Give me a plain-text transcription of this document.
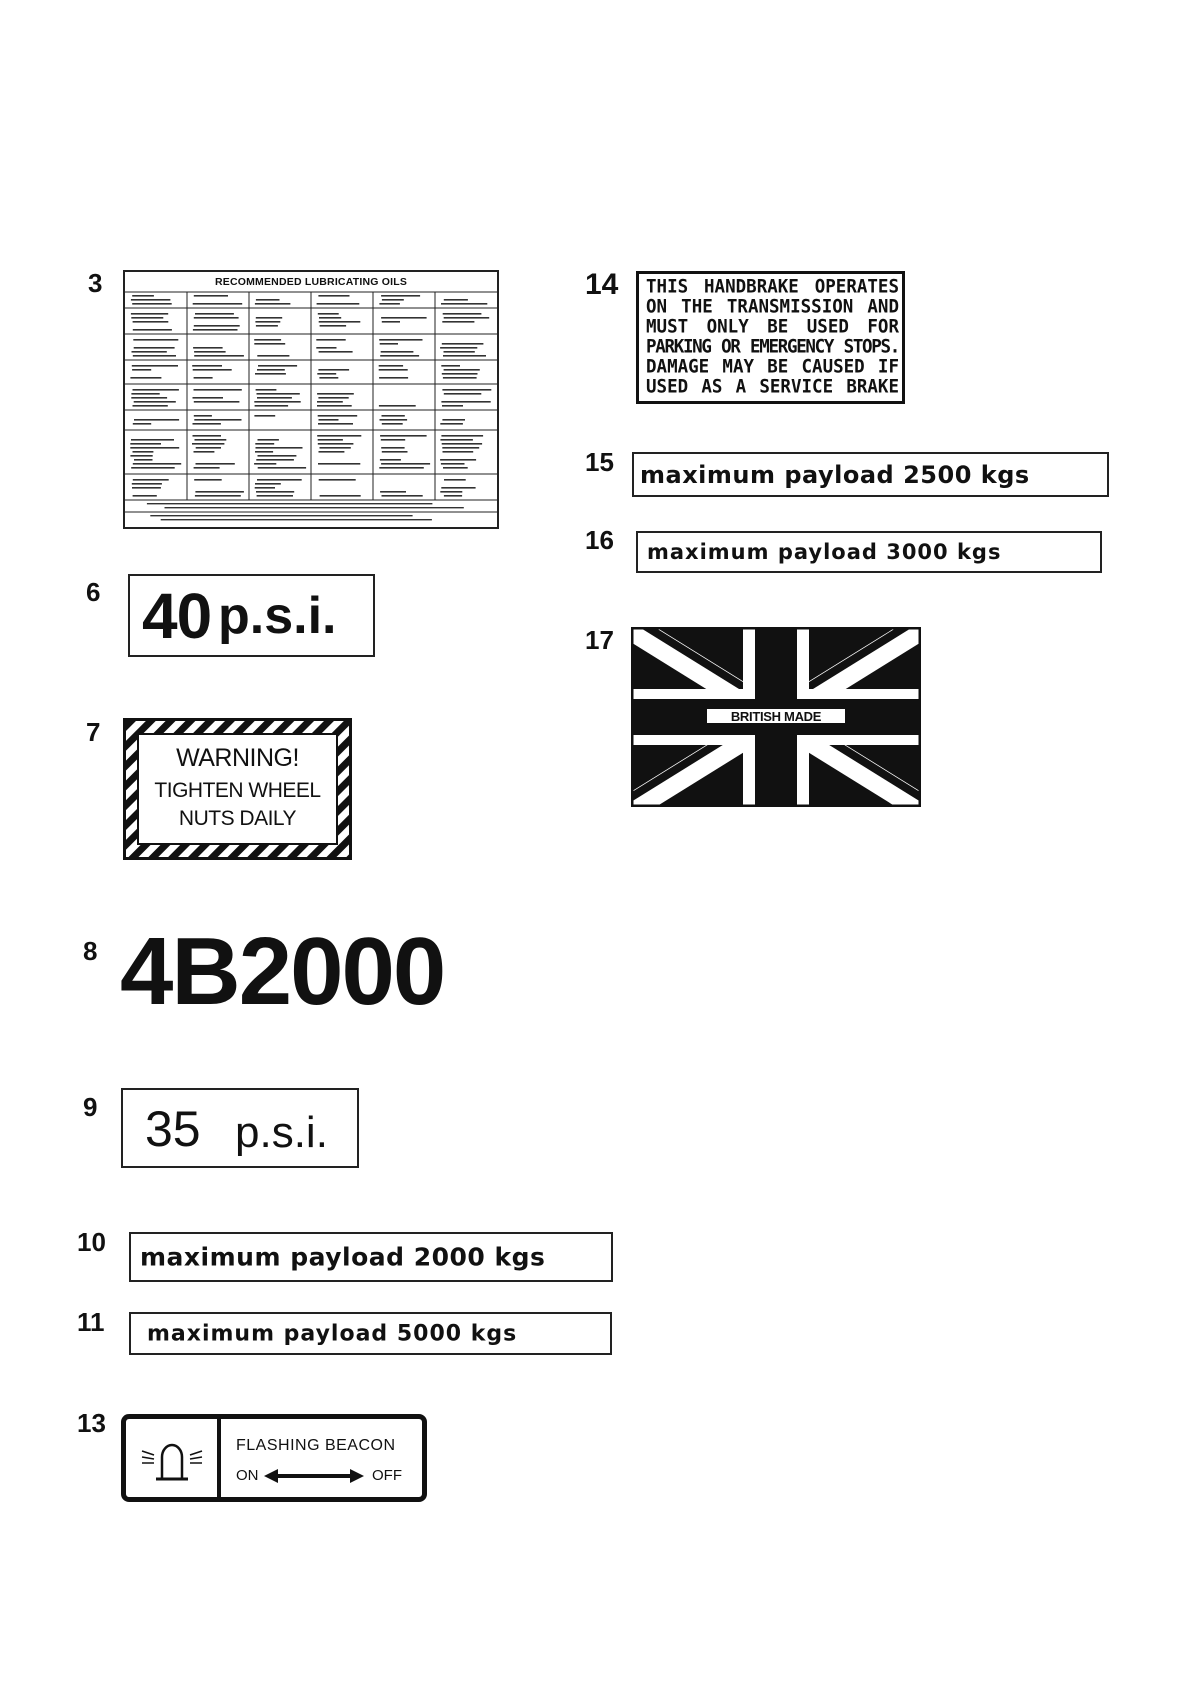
3
6
7
8
9
10
11
13
14
15
16
17
RECOMMENDED LUBRICATING OILS
40 p.s.i.
WARNING!
TIGHTEN WHEEL
NUTS DAILY
4B2000
35 p.s.i.
maximum payload 2000 kgs
maximum payload 5000 kgs
FLASHING BEACON
ON	OFF
THIS HANDBRAKE OPERATES
ON THE TRANSMISSION AND
MUST ONLY BE USED FOR
PARKING OR EMERGENCY STOPS.
DAMAGE MAY BE CAUSED IF
USED AS A SERVICE BRAKE
maximum payload 2500 kgs
maximum payload 3000 kgs
BRITISH MADE
